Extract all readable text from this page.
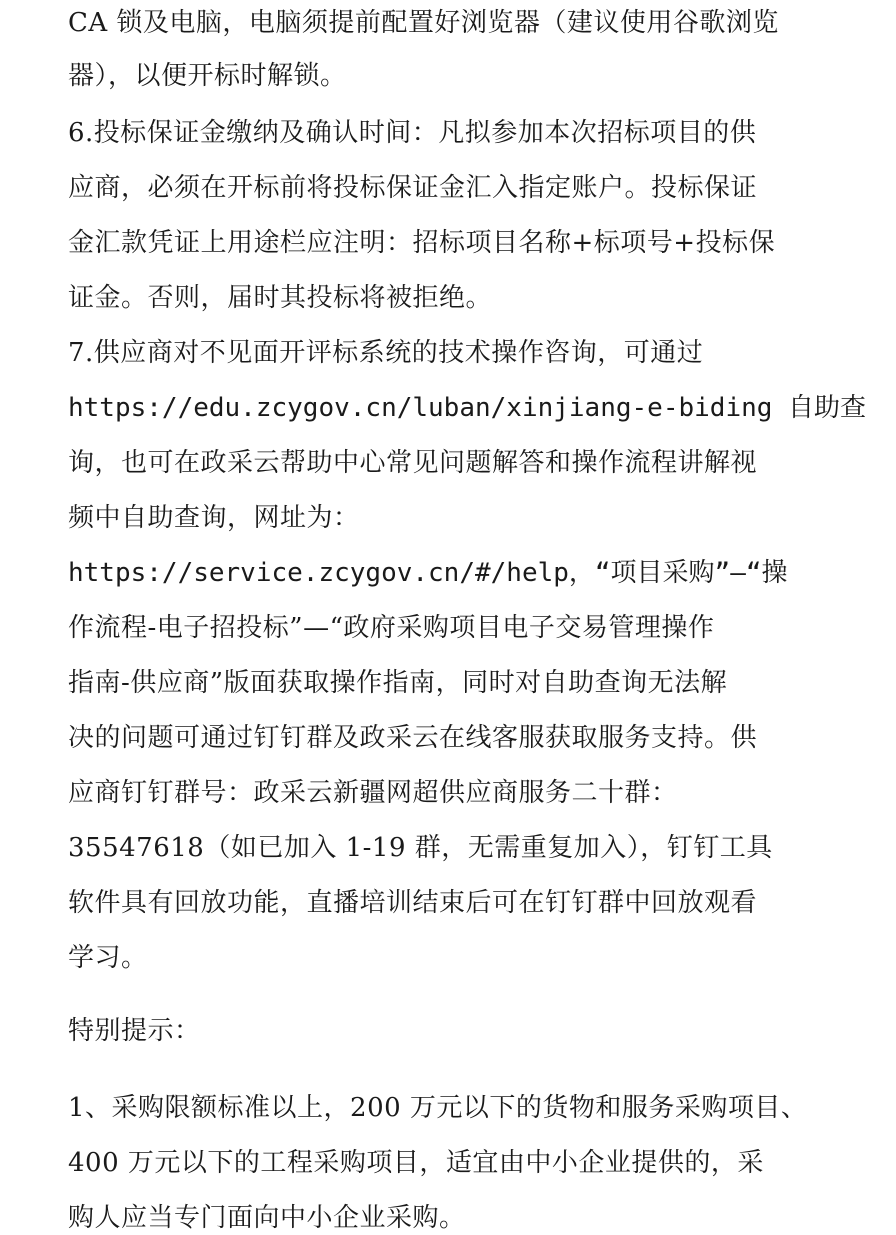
CA 锁及电脑，电脑须提前配置好浏览器（建议使用谷歌浏览
器），以便开标时解锁。
6.投标保证金缴纳及确认时间：凡拟参加本次招标项目的供
应商，必须在开标前将投标保证金汇入指定账户。投标保证
金汇款凭证上用途栏应注明：招标项目名称+标项号+投标保
证金。否则，届时其投标将被拒绝。
7.供应商对不见面开评标系统的技术操作咨询，可通过
https://edu.zcygov.cn/luban/xinjiang-e-biding 自助查
询，也可在政采云帮助中心常见问题解答和操作流程讲解视
频中自助查询，网址为：
https://service.zcygov.cn/#/help，“项目采购”—“操
作流程-电子招投标”—“政府采购项目电子交易管理操作
指南-供应商”版面获取操作指南，同时对自助查询无法解
决的问题可通过钉钉群及政采云在线客服获取服务支持。供
应商钉钉群号：政采云新疆网超供应商服务二十群：
35547618（如已加入 1-19 群，无需重复加入），钉钉工具
软件具有回放功能，直播培训结束后可在钉钉群中回放观看
学习。
特别提示：
1、采购限额标准以上，200 万元以下的货物和服务采购项目、
400 万元以下的工程采购项目，适宜由中小企业提供的，采
购人应当专门面向中小企业采购。
